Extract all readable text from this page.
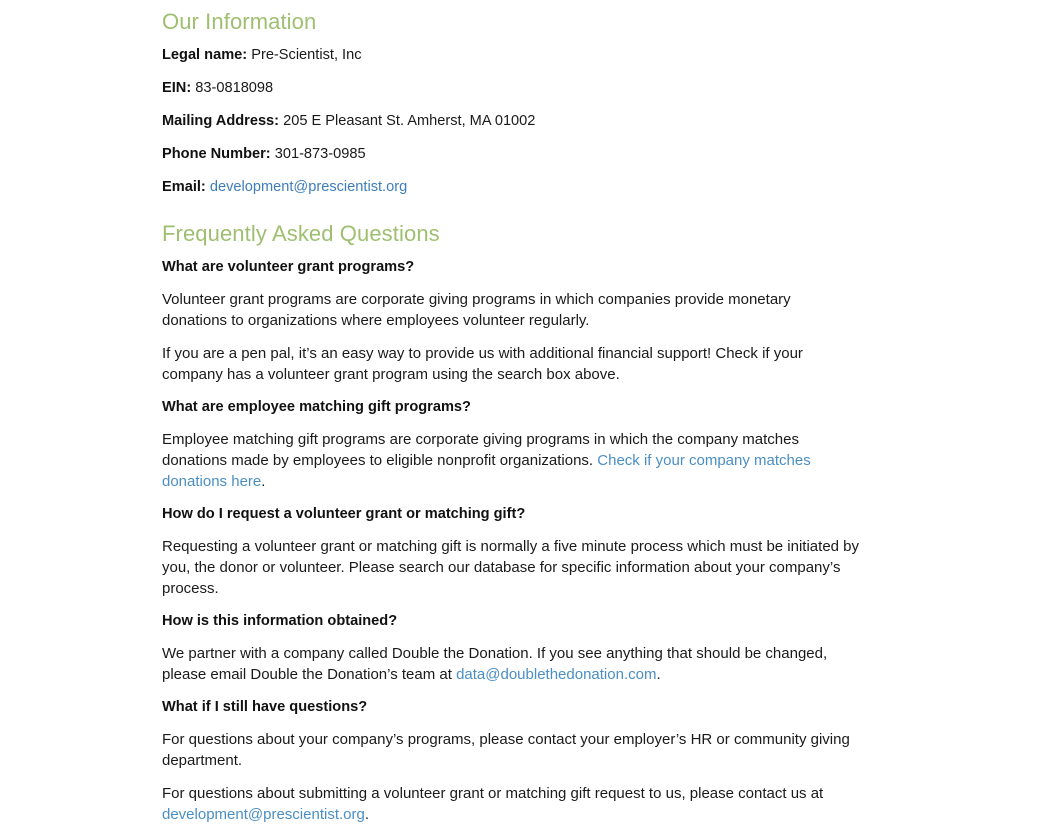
Our Information
Legal name: Pre-Scientist, Inc
EIN: 83-0818098
Mailing Address: 205 E Pleasant St. Amherst, MA 01002
Phone Number: 301-873-0985
Email: development@prescientist.org
Frequently Asked Questions
What are volunteer grant programs?

Volunteer grant programs are corporate giving programs in which companies provide monetary donations to organizations where employees volunteer regularly.

If you are a pen pal, it’s an easy way to provide us with additional financial support! Check if your company has a volunteer grant program using the search box above.

What are employee matching gift programs?

Employee matching gift programs are corporate giving programs in which the company matches donations made by employees to eligible nonprofit organizations. Check if your company matches donations here.

How do I request a volunteer grant or matching gift?

Requesting a volunteer grant or matching gift is normally a five minute process which must be initiated by you, the donor or volunteer. Please search our database for specific information about your company’s process.

How is this information obtained?

We partner with a company called Double the Donation. If you see anything that should be changed, please email Double the Donation’s team at data@doublethedonation.com.

What if I still have questions?

For questions about your company’s programs, please contact your employer’s HR or community giving department.

For questions about submitting a volunteer grant or matching gift request to us, please contact us at development@prescientist.org.
